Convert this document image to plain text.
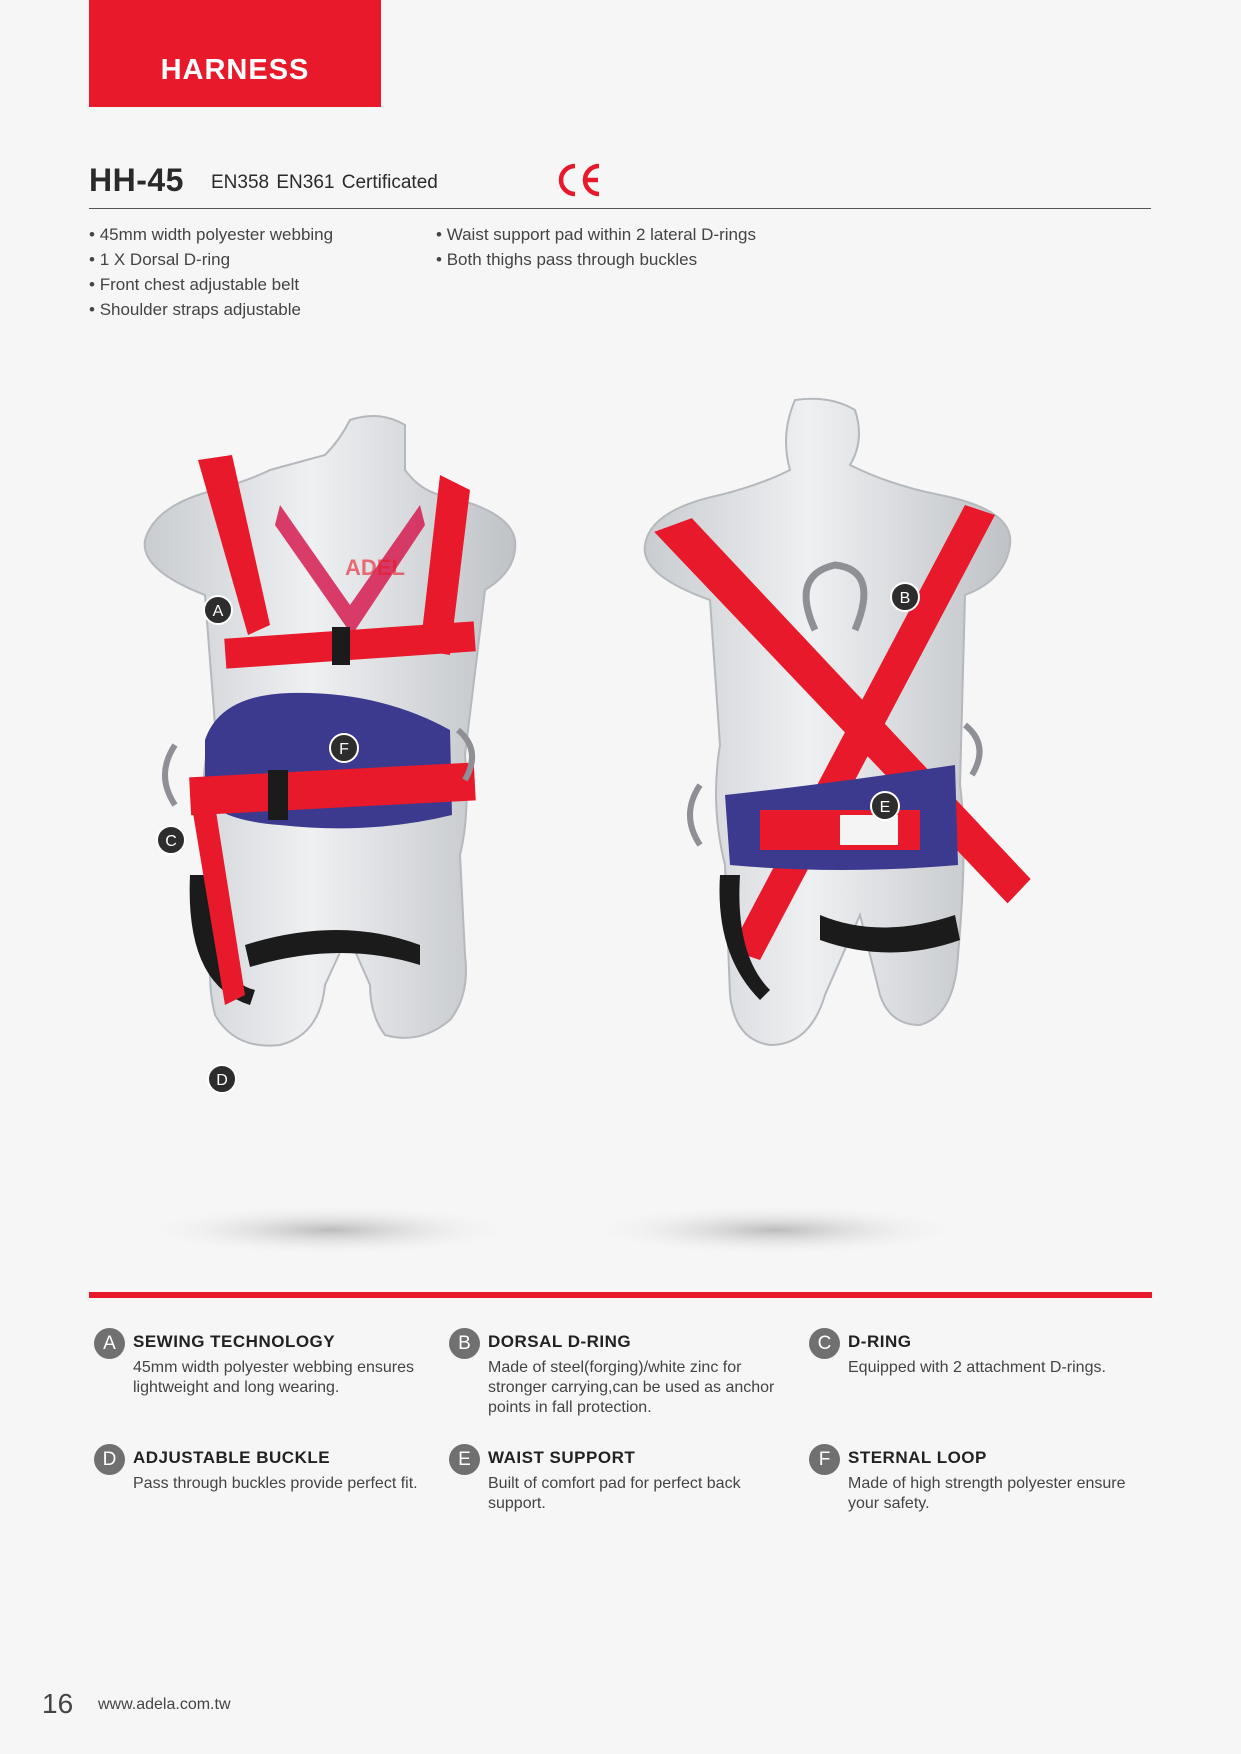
HARNESS
HH-45 EN358 EN361 Certificated
• 45mm width polyester webbing
• 1 X Dorsal D-ring
• Front chest adjustable belt
• Shoulder straps adjustable
• Waist support pad within 2 lateral D-rings
• Both thighs pass through buckles
ADEL
A
F
C
D
B
E
A	SEWING TECHNOLOGY
45mm width polyester webbing ensures lightweight and long wearing.
B	DORSAL D-RING
Made of steel(forging)/white zinc for stronger carrying,can be used as anchor points in fall protection.
C D-RING
Equipped with 2 attachment D-rings.
D ADJUSTABLE BUCKLE
Pass through buckles provide perfect fit.
E	WAIST SUPPORT
Built of comfort pad for perfect back support.
F	STERNAL LOOP
Made of high strength polyester ensure your safety.
16 www.adela.com.tw
